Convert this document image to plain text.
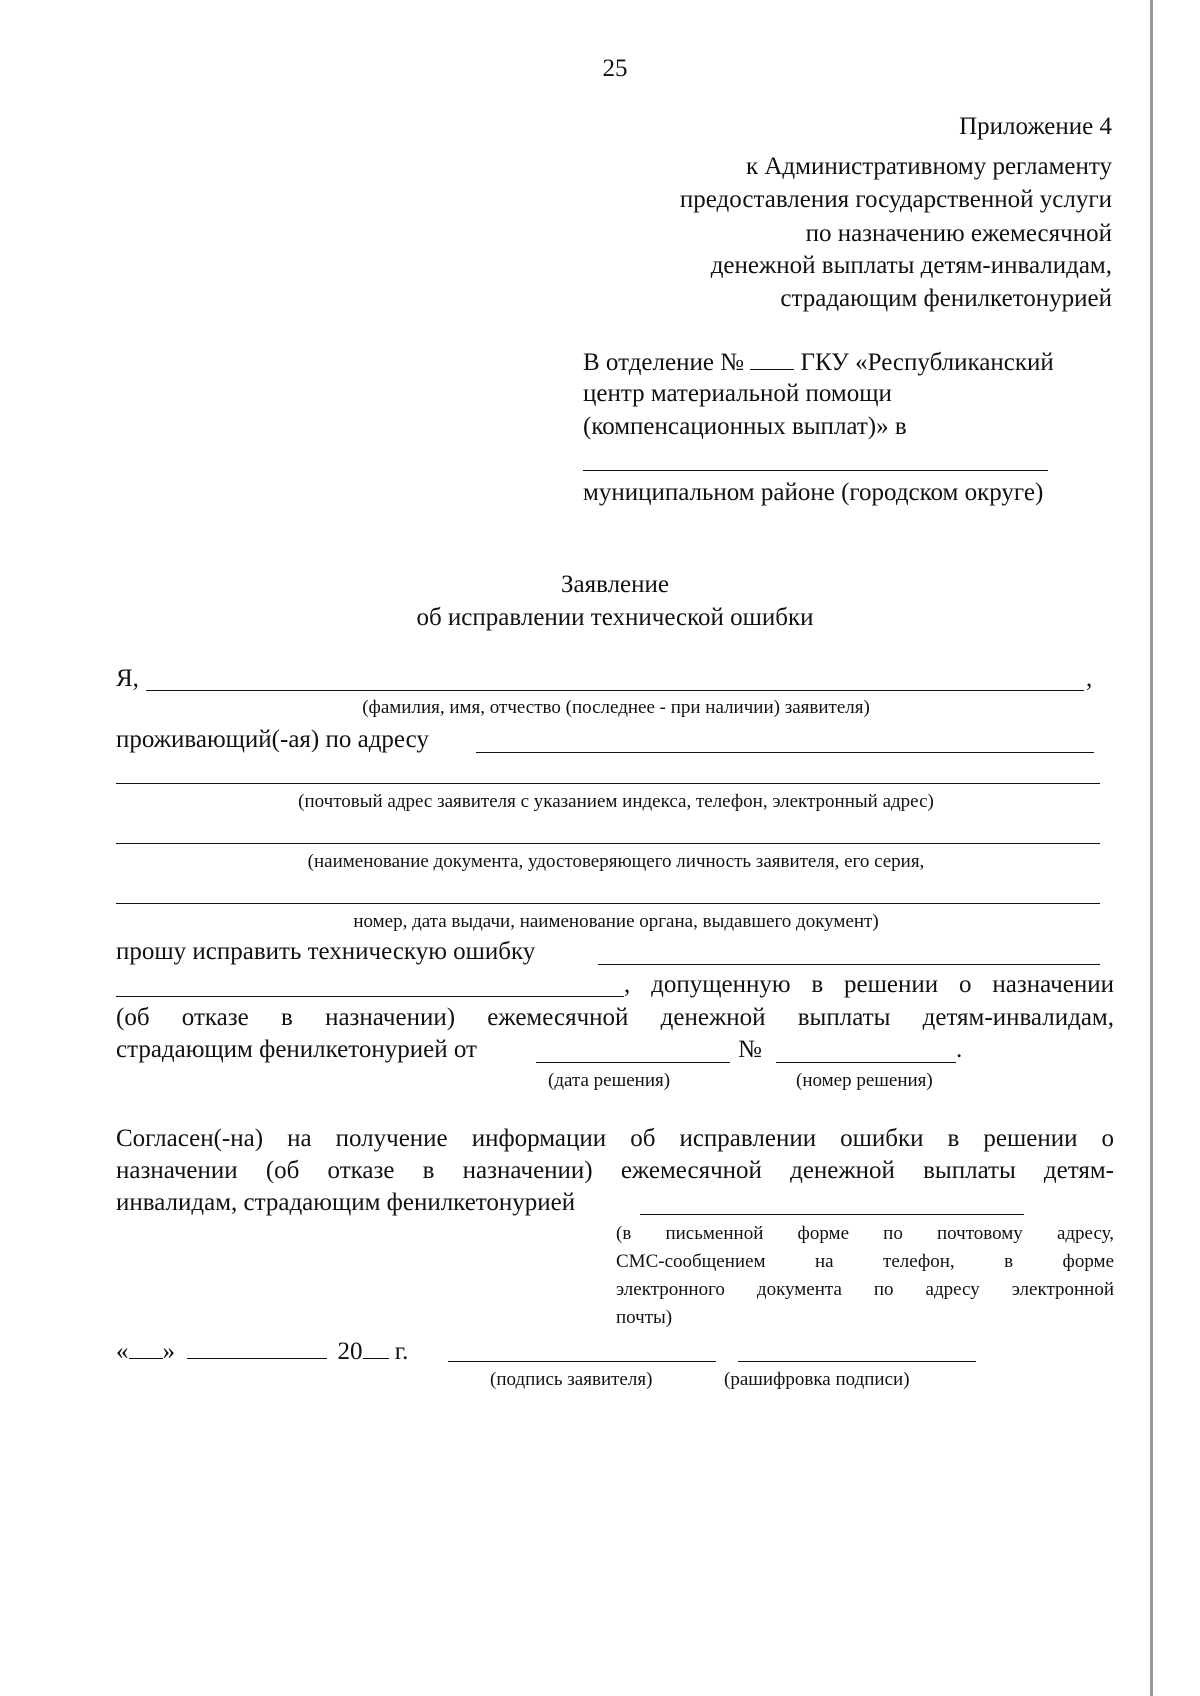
25
Приложение 4
к Административному регламенту
предоставления государственной услуги
по назначению ежемесячной
денежной выплаты детям-инвалидам,
страдающим фенилкетонурией
В отделение № ГКУ «Республиканский
центр материальной помощи
(компенсационных выплат)» в
муниципальном районе (городском округе)
Заявление
об исправлении технической ошибки
Я,	,
(фамилия, имя, отчество (последнее - при наличии) заявителя)
проживающий(-ая) по адресу
(почтовый адрес заявителя с указанием индекса, телефон, электронный адрес)
(наименование документа, удостоверяющего личность заявителя, его серия,
номер, дата выдачи, наименование органа, выдавшего документ)
прошу исправить техническую ошибку
, допущенную в решении о назначении
(об отказе в назначении) ежемесячной денежной выплаты детям-инвалидам,
страдающим фенилкетонурией от	№	.
(дата решения)	(номер решения)
Согласен(-на) на получение информации об исправлении ошибки в решении о
назначении (об отказе в назначении) ежемесячной денежной выплаты детям-
инвалидам, страдающим фенилкетонурией
(в письменной форме по почтовому адресу,
СМС-сообщением на телефон, в форме
электронного документа по адресу электронной
почты)
« »	20 г.
(подпись заявителя)	(рашифровка подписи)
